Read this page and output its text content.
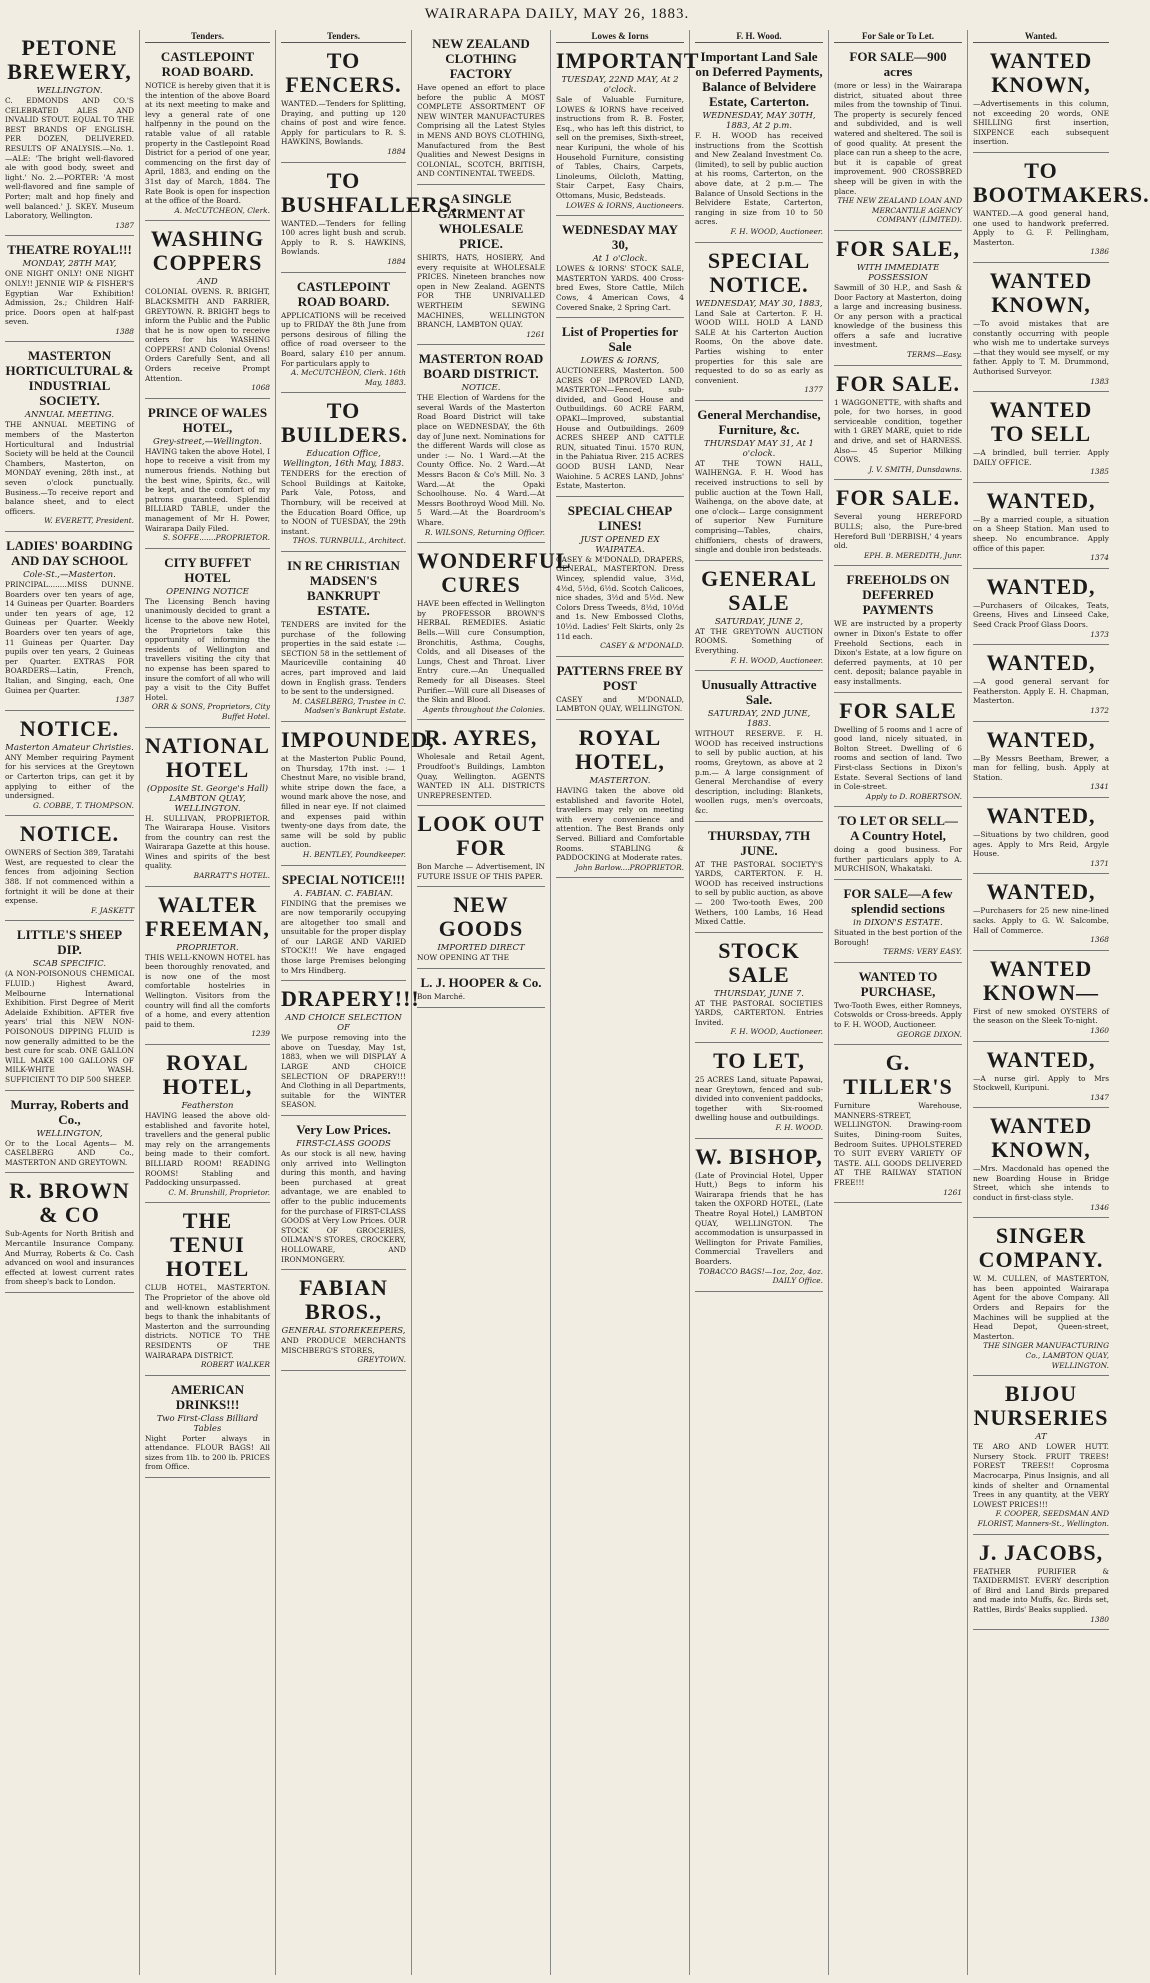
WAIRARAPA DAILY, MAY 26, 1883.
PETONE BREWERY,
WELLINGTON.

C. EDMONDS AND CO.'S CELEBRATED ALES AND INVALID STOUT. EQUAL TO THE BEST BRANDS OF ENGLISH. PER DOZEN, DELIVERED. RESULTS OF ANALYSIS.—No. 1.—ALE: 'The bright well-flavored ale with good body, sweet and light.' No. 2.—PORTER: 'A most well-flavored and fine sample of Porter; malt and hop finely and well balanced.' J. SKEY. Museum Laboratory, Wellington.

1387
THEATRE ROYAL!!!
MONDAY, 28TH MAY,

ONE NIGHT ONLY! ONE NIGHT ONLY!! JENNIE WIP & FISHER'S Egyptian War Exhibition! Admission, 2s.; Children Half-price. Doors open at half-past seven.

1388
MASTERTON HORTICULTURAL & INDUSTRIAL SOCIETY.
ANNUAL MEETING.

THE ANNUAL MEETING of members of the Masterton Horticultural and Industrial Society will be held at the Council Chambers, Masterton, on MONDAY evening, 28th inst., at seven o'clock punctually. Business.—To receive report and balance sheet, and to elect officers.

W. EVERETT, President.
LADIES' BOARDING AND DAY SCHOOL
Cole-St.,—Masterton.

PRINCIPAL........MISS DUNNE. Boarders over ten years of age, 14 Guineas per Quarter. Boarders under ten years of age, 12 Guineas per Quarter. Weekly Boarders over ten years of age, 11 Guineas per Quarter. Day pupils over ten years, 2 Guineas per Quarter. EXTRAS FOR BOARDERS—Latin, French, Italian, and Singing, each, One Guinea per Quarter.

1387
NOTICE.
Masterton Amateur Christies.

ANY Member requiring Payment for his services at the Greytown or Carterton trips, can get it by applying to either of the undersigned.

G. COBBE, T. THOMPSON.
NOTICE.

OWNERS of Section 389, Taratahi West, are requested to clear the fences from adjoining Section 388. If not commenced within a fortnight it will be done at their expense.

F. JASKETT
LITTLE'S SHEEP DIP.
SCAB SPECIFIC.

(A NON-POISONOUS CHEMICAL FLUID.) Highest Award, Melbourne International Exhibition. First Degree of Merit Adelaide Exhibition. AFTER five years' trial this NEW NON-POISONOUS DIPPING FLUID is now generally admitted to be the best cure for scab. ONE GALLON WILL MAKE 100 GALLONS OF MILK-WHITE WASH. SUFFICIENT TO DIP 500 SHEEP.

Murray, Roberts and Co.,
WELLINGTON,

Or to the Local Agents— M. CASELBERG AND Co., MASTERTON AND GREYTOWN.

R. BROWN & CO

Sub-Agents for North British and Mercantile Insurance Company. And Murray, Roberts & Co. Cash advanced on wool and insurances effected at lowest current rates from sheep's back to London.

Tenders.
CASTLEPOINT ROAD BOARD.

NOTICE is hereby given that it is the intention of the above Board at its next meeting to make and levy a general rate of one halfpenny in the pound on the ratable value of all ratable property in the Castlepoint Road District for a period of one year, commencing on the first day of April, 1883, and ending on the 31st day of March, 1884. The Rate Book is open for inspection at the office of the Board.

A. McCUTCHEON, Clerk.
WASHING COPPERS
AND

COLONIAL OVENS. R. BRIGHT, BLACKSMITH AND FARRIER, GREYTOWN. R. BRIGHT begs to inform the Public and the Public that he is now open to receive orders for his WASHING COPPERS! AND Colonial Ovens! Orders Carefully Sent, and all Orders receive Prompt Attention.

1068
PRINCE OF WALES HOTEL,
Grey-street,—Wellington.

HAVING taken the above Hotel, I hope to receive a visit from my numerous friends. Nothing but the best wine, Spirits, &c., will be kept, and the comfort of my patrons guaranteed. Splendid BILLIARD TABLE, under the management of Mr H. Power, Wairarapa Daily Filed.

S. SOFFE.......PROPRIETOR.
CITY BUFFET HOTEL
OPENING NOTICE

The Licensing Bench having unanimously decided to grant a license to the above new Hotel, the Proprietors take this opportunity of informing the residents of Wellington and travellers visiting the city that no expense has been spared to insure the comfort of all who will pay a visit to the City Buffet Hotel.

ORR & SONS, Proprietors, City Buffet Hotel.
NATIONAL HOTEL
(Opposite St. George's Hall) LAMBTON QUAY, WELLINGTON.

H. SULLIVAN, PROPRIETOR. The Wairarapa House. Visitors from the country can rest the Wairarapa Gazette at this house. Wines and spirits of the best quality.

BARRATT'S HOTEL.
WALTER FREEMAN,
PROPRIETOR.

THIS WELL-KNOWN HOTEL has been thoroughly renovated, and is now one of the most comfortable hostelries in Wellington. Visitors from the country will find all the comforts of a home, and every attention paid to them.

1239
ROYAL HOTEL,
Featherston

HAVING leased the above old-established and favorite hotel, travellers and the general public may rely on the arrangements being made to their comfort. BILLIARD ROOM! READING ROOMS! Stabling and Paddocking unsurpassed.

C. M. Brunshill, Proprietor.
THE TENUI HOTEL

CLUB HOTEL, MASTERTON. The Proprietor of the above old and well-known establishment begs to thank the inhabitants of Masterton and the surrounding districts. NOTICE TO THE RESIDENTS OF THE WAIRARAPA DISTRICT.

ROBERT WALKER
AMERICAN DRINKS!!!
Two First-Class Billiard Tables

Night Porter always in attendance. FLOUR BAGS! All sizes from 1lb. to 200 lb. PRICES from Office.

Tenders.
TO FENCERS.

WANTED.—Tenders for Splitting, Draying, and putting up 120 chains of post and wire fence. Apply for particulars to R. S. HAWKINS, Bowlands.

1884
TO BUSHFALLERS.

WANTED.—Tenders for felling 100 acres light bush and scrub. Apply to R. S. HAWKINS, Bowlands.

1884
CASTLEPOINT ROAD BOARD.

APPLICATIONS will be received up to FRIDAY the 8th June from persons desirous of filling the office of road overseer to the Board, salary £10 per annum. For particulars apply to

A. McCUTCHEON, Clerk. 16th May, 1883.
TO BUILDERS.
Education Office, Wellington, 16th May, 1883.

TENDERS for the erection of School Buildings at Kaitoke, Park Vale, Potoss, and Thornbury, will be received at the Education Board Office, up to NOON of TUESDAY, the 29th instant.

THOS. TURNBULL, Architect.
IN RE CHRISTIAN MADSEN'S BANKRUPT ESTATE.

TENDERS are invited for the purchase of the following properties in the said estate :— SECTION 58 in the settlement of Mauriceville containing 40 acres, part improved and laid down in English grass. Tenders to be sent to the undersigned.

M. CASELBERG, Trustee in C. Madsen's Bankrupt Estate.
IMPOUNDED,

at the Masterton Public Pound, on Thursday, 17th inst. :— 1 Chestnut Mare, no visible brand, white stripe down the face, a wound mark above the nose, and filled in near eye. If not claimed and expenses paid within twenty-one days from date, the same will be sold by public auction.

H. BENTLEY, Poundkeeper.
SPECIAL NOTICE!!!
A. FABIAN. C. FABIAN.

FINDING that the premises we are now temporarily occupying are altogether too small and unsuitable for the proper display of our LARGE AND VARIED STOCK!!! We have engaged those large Premises belonging to Mrs Hindberg.

DRAPERY!!!
AND CHOICE SELECTION OF

We purpose removing into the above on Tuesday, May 1st, 1883, when we will DISPLAY A LARGE AND CHOICE SELECTION OF DRAPERY!!! And Clothing in all Departments, suitable for the WINTER SEASON.

Very Low Prices.
FIRST-CLASS GOODS

As our stock is all new, having only arrived into Wellington during this month, and having been purchased at great advantage, we are enabled to offer to the public inducements for the purchase of FIRST-CLASS GOODS at Very Low Prices. OUR STOCK OF GROCERIES, OILMAN'S STORES, CROCKERY, HOLLOWARE, AND IRONMONGERY.

FABIAN BROS.,
GENERAL STOREKEEPERS,

AND PRODUCE MERCHANTS MISCHBERG'S STORES,

GREYTOWN.
NEW ZEALAND CLOTHING FACTORY

Have opened an effort to place before the public A MOST COMPLETE ASSORTMENT OF NEW WINTER MANUFACTURES Comprising all the Latest Styles in MENS AND BOYS CLOTHING, Manufactured from the Best Qualities and Newest Designs in COLONIAL, SCOTCH, BRITISH, AND CONTINENTAL TWEEDS.

A SINGLE GARMENT AT WHOLESALE PRICE.

SHIRTS, HATS, HOSIERY, And every requisite at WHOLESALE PRICES. Nineteen branches now open in New Zealand. AGENTS FOR THE UNRIVALLED WERTHEIM SEWING MACHINES, WELLINGTON BRANCH, LAMBTON QUAY.

1261
MASTERTON ROAD BOARD DISTRICT.
NOTICE.

THE Election of Wardens for the several Wards of the Masterton Road Board District will take place on WEDNESDAY, the 6th day of June next. Nominations for the different Wards will close as under :— No. 1 Ward.—At the County Office. No. 2 Ward.—At Messrs Bacon & Co's Mill. No. 3 Ward.—At the Opaki Schoolhouse. No. 4 Ward.—At Messrs Boothroyd Wood Mill. No. 5 Ward.—At the Boardroom's Whare.

R. WILSONS, Returning Officer.
WONDERFUL CURES

HAVE been effected in Wellington by PROFESSOR BROWN'S HERBAL REMEDIES. Asiatic Bells.—Will cure Consumption, Bronchitis, Asthma, Coughs, Colds, and all Diseases of the Lungs, Chest and Throat. Liver Entry cure.—An Unequalled Remedy for all Diseases. Steel Purifier.—Will cure all Diseases of the Skin and Blood.

Agents throughout the Colonies.
R. AYRES,

Wholesale and Retail Agent, Proudfoot's Buildings, Lambton Quay, Wellington. AGENTS WANTED IN ALL DISTRICTS UNREPRESENTED.

LOOK OUT FOR

Bon Marche — Advertisement, IN FUTURE ISSUE OF THIS PAPER.

NEW GOODS
IMPORTED DIRECT

NOW OPENING AT THE

L. J. HOOPER & Co.

Bon Marché.

Lowes & Iorns
IMPORTANT
TUESDAY, 22ND MAY, At 2 o'clock.

Sale of Valuable Furniture, LOWES & IORNS have received instructions from R. B. Foster, Esq., who has left this district, to sell on the premises, Sixth-street, near Kuripuni, the whole of his Household Furniture, consisting of Tables, Chairs, Carpets, Linoleums, Oilcloth, Matting, Stair Carpet, Easy Chairs, Ottomans, Music, Bedsteads.

LOWES & IORNS, Auctioneers.
WEDNESDAY MAY 30,
At 1 o'Clock.

LOWES & IORNS' STOCK SALE, MASTERTON YARDS. 400 Cross-bred Ewes, Store Cattle, Milch Cows, 4 American Cows, 4 Covered Snake, 2 Spring Cart.

List of Properties for Sale
LOWES & IORNS,

AUCTIONEERS, Masterton. 500 ACRES OF IMPROVED LAND, MASTERTON—Fenced, sub-divided, and Good House and Outbuildings. 60 ACRE FARM, OPAKI—Improved, substantial House and Outbuildings. 2609 ACRES SHEEP AND CATTLE RUN, situated Tinui. 1570 RUN, in the Pahiatua River. 215 ACRES GOOD BUSH LAND, Near Waiohine. 5 ACRES LAND, Johns' Estate, Masterton.

SPECIAL CHEAP LINES!
JUST OPENED EX WAIPATEA.

CASEY & M'DONALD, DRAPERS, GENERAL, MASTERTON. Dress Wincey, splendid value, 3½d, 4½d, 5½d, 6½d. Scotch Calicoes, nice shades, 3½d and 5½d. New Colors Dress Tweeds, 8½d, 10½d and 1s. New Embossed Cloths, 10½d. Ladies' Felt Skirts, only 2s 11d each.

CASEY & M'DONALD.
PATTERNS FREE BY POST

CASEY and M'DONALD, LAMBTON QUAY, WELLINGTON.

ROYAL HOTEL,
MASTERTON.

HAVING taken the above old established and favorite Hotel, travellers may rely on meeting with every convenience and attention. The Best Brands only Served. Billiard and Comfortable Rooms. STABLING & PADDOCKING at Moderate rates.

John Barlow....PROPRIETOR.
F. H. Wood.
Important Land Sale on Deferred Payments, Balance of Belvidere Estate, Carterton.
WEDNESDAY, MAY 30TH, 1883, At 2 p.m.

F. H. WOOD has received instructions from the Scottish and New Zealand Investment Co. (limited), to sell by public auction at his rooms, Carterton, on the above date, at 2 p.m.— The Balance of Unsold Sections in the Belvidere Estate, Carterton, ranging in size from 10 to 50 acres.

F. H. WOOD, Auctioneer.
SPECIAL NOTICE.
WEDNESDAY, MAY 30, 1883,

Land Sale at Carterton. F. H. WOOD WILL HOLD A LAND SALE At his Carterton Auction Rooms, On the above date. Parties wishing to enter properties for this sale are requested to do so as early as convenient.

1377
General Merchandise, Furniture, &c.
THURSDAY MAY 31, At 1 o'clock.

AT THE TOWN HALL, WAIHENGA. F. H. Wood has received instructions to sell by public auction at the Town Hall, Waihenga, on the above date, at one o'clock— Large consignment of superior New Furniture comprising—Tables, chairs, chiffoniers, chests of drawers, single and double iron bedsteads.

GENERAL SALE
SATURDAY, JUNE 2,

AT THE GREYTOWN AUCTION ROOMS. Something of Everything.

F. H. WOOD, Auctioneer.
Unusually Attractive Sale.
SATURDAY, 2ND JUNE, 1883.

WITHOUT RESERVE. F. H. WOOD has received instructions to sell by public auction, at his rooms, Greytown, as above at 2 p.m.— A large consignment of General Merchandise of every description, including: Blankets, woollen rugs, men's overcoats, &c.

THURSDAY, 7TH JUNE.

AT THE PASTORAL SOCIETY'S YARDS, CARTERTON. F. H. WOOD has received instructions to sell by public auction, as above— 200 Two-tooth Ewes, 200 Wethers, 100 Lambs, 16 Head Mixed Cattle.

STOCK SALE
THURSDAY, JUNE 7.

AT THE PASTORAL SOCIETIES YARDS, CARTERTON. Entries Invited.

F. H. WOOD, Auctioneer.
TO LET,

25 ACRES Land, situate Papawai, near Greytown, fenced and sub-divided into convenient paddocks, together with Six-roomed dwelling house and outbuildings.

F. H. WOOD.
W. BISHOP,

(Late of Provincial Hotel, Upper Hutt,) Begs to inform his Wairarapa friends that he has taken the OXFORD HOTEL, (Late Theatre Royal Hotel,) LAMBTON QUAY, WELLINGTON. The accommodation is unsurpassed in Wellington for Private Families, Commercial Travellers and Boarders.

TOBACCO BAGS!—1oz, 2oz, 4oz. DAILY Office.
For Sale or To Let.
FOR SALE—900 acres

(more or less) in the Wairarapa district, situated about three miles from the township of Tinui. The property is securely fenced and subdivided, and is well watered and sheltered. The soil is of good quality. At present the place can run a sheep to the acre, but it is capable of great improvement. 900 CROSSBRED sheep will be given in with the place.

THE NEW ZEALAND LOAN AND MERCANTILE AGENCY COMPANY (LIMITED).
FOR SALE,
WITH IMMEDIATE POSSESSION

Sawmill of 30 H.P., and Sash & Door Factory at Masterton, doing a large and increasing business. Or any person with a practical knowledge of the business this offers a safe and lucrative investment.

TERMS—Easy.
FOR SALE.

1 WAGGONETTE, with shafts and pole, for two horses, in good serviceable condition, together with 1 GREY MARE, quiet to ride and drive, and set of HARNESS. Also— 45 Superior Milking COWS.

J. V. SMITH, Dunsdawns.
FOR SALE.

Several young HEREFORD BULLS; also, the Pure-bred Hereford Bull 'DERBISH,' 4 years old.

EPH. B. MEREDITH, Junr.
FREEHOLDS ON DEFERRED PAYMENTS

WE are instructed by a property owner in Dixon's Estate to offer Freehold Sections, each in Dixon's Estate, at a low figure on deferred payments, at 10 per cent. deposit; balance payable in easy installments.

FOR SALE

Dwelling of 5 rooms and 1 acre of good land, nicely situated, in Bolton Street. Dwelling of 6 rooms and section of land. Two First-class Sections in Dixon's Estate. Several Sections of land in Cole-street.

Apply to D. ROBERTSON.
TO LET OR SELL—A Country Hotel,

doing a good business. For further particulars apply to A. MURCHISON, Whakataki.

FOR SALE—A few splendid sections
in DIXON'S ESTATE.

Situated in the best portion of the Borough!

TERMS: VERY EASY.
WANTED TO PURCHASE,

Two-Tooth Ewes, either Romneys, Cotswolds or Cross-breeds. Apply to F. H. WOOD, Auctioneer.

GEORGE DIXON.
G. TILLER'S

Furniture Warehouse, MANNERS-STREET, WELLINGTON. Drawing-room Suites, Dining-room Suites, Bedroom Suites. UPHOLSTERED TO SUIT EVERY VARIETY OF TASTE. ALL GOODS DELIVERED AT THE RAILWAY STATION FREE!!!

1261
Wanted.
WANTED KNOWN,

—Advertisements in this column, not exceeding 20 words, ONE SHILLING first insertion, SIXPENCE each subsequent insertion.

TO BOOTMAKERS.

WANTED.—A good general hand, one used to handwork preferred. Apply to G. F. Pellingham, Masterton.

1386
WANTED KNOWN,

—To avoid mistakes that are constantly occurring with people who wish me to undertake surveys—that they would see myself, or my father. Apply to T. M. Drummond, Authorised Surveyor.

1383
WANTED TO SELL

—A brindled, bull terrier. Apply DAILY OFFICE.

1385
WANTED,

—By a married couple, a situation on a Sheep Station. Man used to sheep. No encumbrance. Apply office of this paper.

1374
WANTED,

—Purchasers of Oilcakes, Teats, Greens, Hives and Linseed Cake, Seed Crack Proof Glass Doors.

1373
WANTED,

—A good general servant for Featherston. Apply E. H. Chapman, Masterton.

1372
WANTED,

—By Messrs Beetham, Brewer, a man for felling, bush. Apply at Station.

1341
WANTED,

—Situations by two children, good ages. Apply to Mrs Reid, Argyle House.

1371
WANTED,

—Purchasers for 25 new nine-lined sacks. Apply to G. W. Salcombe, Hall of Commerce.

1368
WANTED KNOWN—

First of new smoked OYSTERS of the season on the Sleek To-night.

1360
WANTED,

—A nurse girl. Apply to Mrs Stockwell, Kuripuni.

1347
WANTED KNOWN,

—Mrs. Macdonald has opened the new Boarding House in Bridge Street, which she intends to conduct in first-class style.

1346
SINGER COMPANY.

W. M. CULLEN, of MASTERTON, has been appointed Wairarapa Agent for the above Company. All Orders and Repairs for the Machines will be supplied at the Head Depot, Queen-street, Masterton.

THE SINGER MANUFACTURING Co., LAMBTON QUAY, WELLINGTON.
BIJOU NURSERIES
AT

TE ARO AND LOWER HUTT. Nursery Stock. FRUIT TREES! FOREST TREES!! Coprosma Macrocarpa, Pinus Insignis, and all kinds of shelter and Ornamental Trees in any quantity, at the VERY LOWEST PRICES!!!

F. COOPER, SEEDSMAN AND FLORIST, Manners-St., Wellington.
J. JACOBS,

FEATHER PURIFIER & TAXIDERMIST. EVERY description of Bird and Land Birds prepared and made into Muffs, &c. Birds set, Rattles, Birds' Beaks supplied.

1380
